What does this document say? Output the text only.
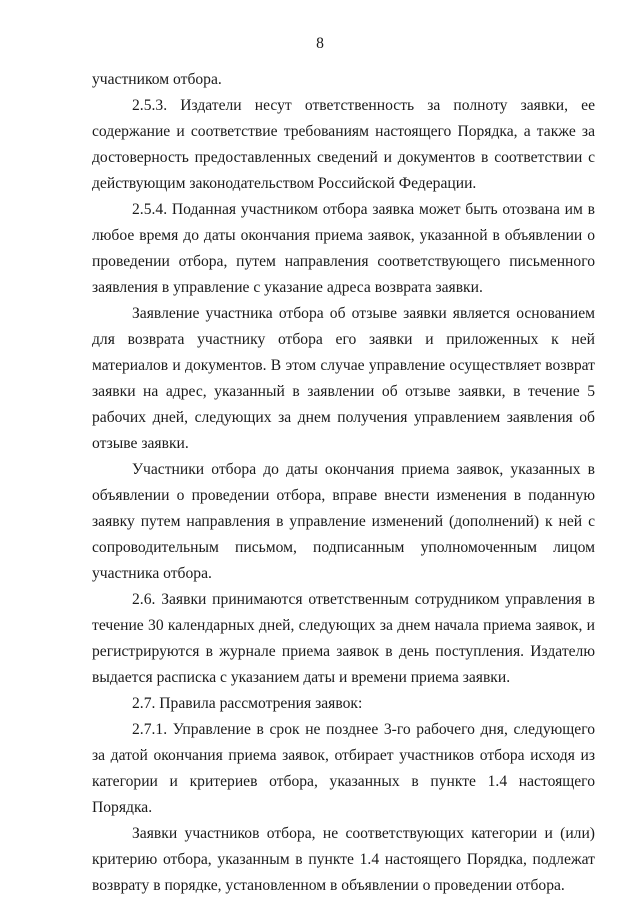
8

участником отбора.

2.5.3. Издатели несут ответственность за полноту заявки, ее содержание и соответствие требованиям настоящего Порядка, а также за достоверность предоставленных сведений и документов в соответствии с действующим законодательством Российской Федерации.

2.5.4. Поданная участником отбора заявка может быть отозвана им в любое время до даты окончания приема заявок, указанной в объявлении о проведении отбора, путем направления соответствующего письменного заявления в управление с указание адреса возврата заявки.

Заявление участника отбора об отзыве заявки является основанием для возврата участнику отбора его заявки и приложенных к ней материалов и документов. В этом случае управление осуществляет возврат заявки на адрес, указанный в заявлении об отзыве заявки, в течение 5 рабочих дней, следующих за днем получения управлением заявления об отзыве заявки.

Участники отбора до даты окончания приема заявок, указанных в объявлении о проведении отбора, вправе внести изменения в поданную заявку путем направления в управление изменений (дополнений) к ней с сопроводительным письмом, подписанным уполномоченным лицом участника отбора.

2.6. Заявки принимаются ответственным сотрудником управления в течение 30 календарных дней, следующих за днем начала приема заявок, и регистрируются в журнале приема заявок в день поступления. Издателю выдается расписка с указанием даты и времени приема заявки.

2.7. Правила рассмотрения заявок:

2.7.1. Управление в срок не позднее 3-го рабочего дня, следующего за датой окончания приема заявок, отбирает участников отбора исходя из категории и критериев отбора, указанных в пункте 1.4 настоящего Порядка.

Заявки участников отбора, не соответствующих категории и (или) критерию отбора, указанным в пункте 1.4 настоящего Порядка, подлежат возврату в порядке, установленном в объявлении о проведении отбора.
